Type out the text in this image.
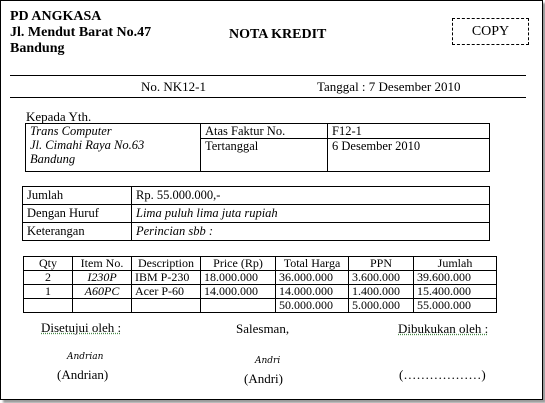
PD ANGKASA
Jl. Mendut Barat No.47
Bandung
NOTA KREDIT	COPY
No. NK12-1	Tanggal : 7 Desember 2010
Kepada Yth.
Trans Computer
Jl. Cimahi Raya No.63
Bandung	Atas Faktur No.	F12-1
	Tertanggal	6 Desember 2010
Jumlah	Rp. 55.000.000,-
Dengan Huruf	Lima puluh lima juta rupiah
Keterangan	Perincian sbb :
Qty	Item No.	Description	Price (Rp)	Total Harga	PPN	Jumlah
2	I230P	IBM P-230	18.000.000	36.000.000	3.600.000	39.600.000
1	A60PC	Acer P-60	14.000.000	14.000.000	1.400.000	15.400.000
				50.000.000	5.000.000	55.000.000
Disetujui oleh :	Salesman,	Dibukukan oleh :
Andrian
(Andrian)
Andri
(Andri)	(………………)
